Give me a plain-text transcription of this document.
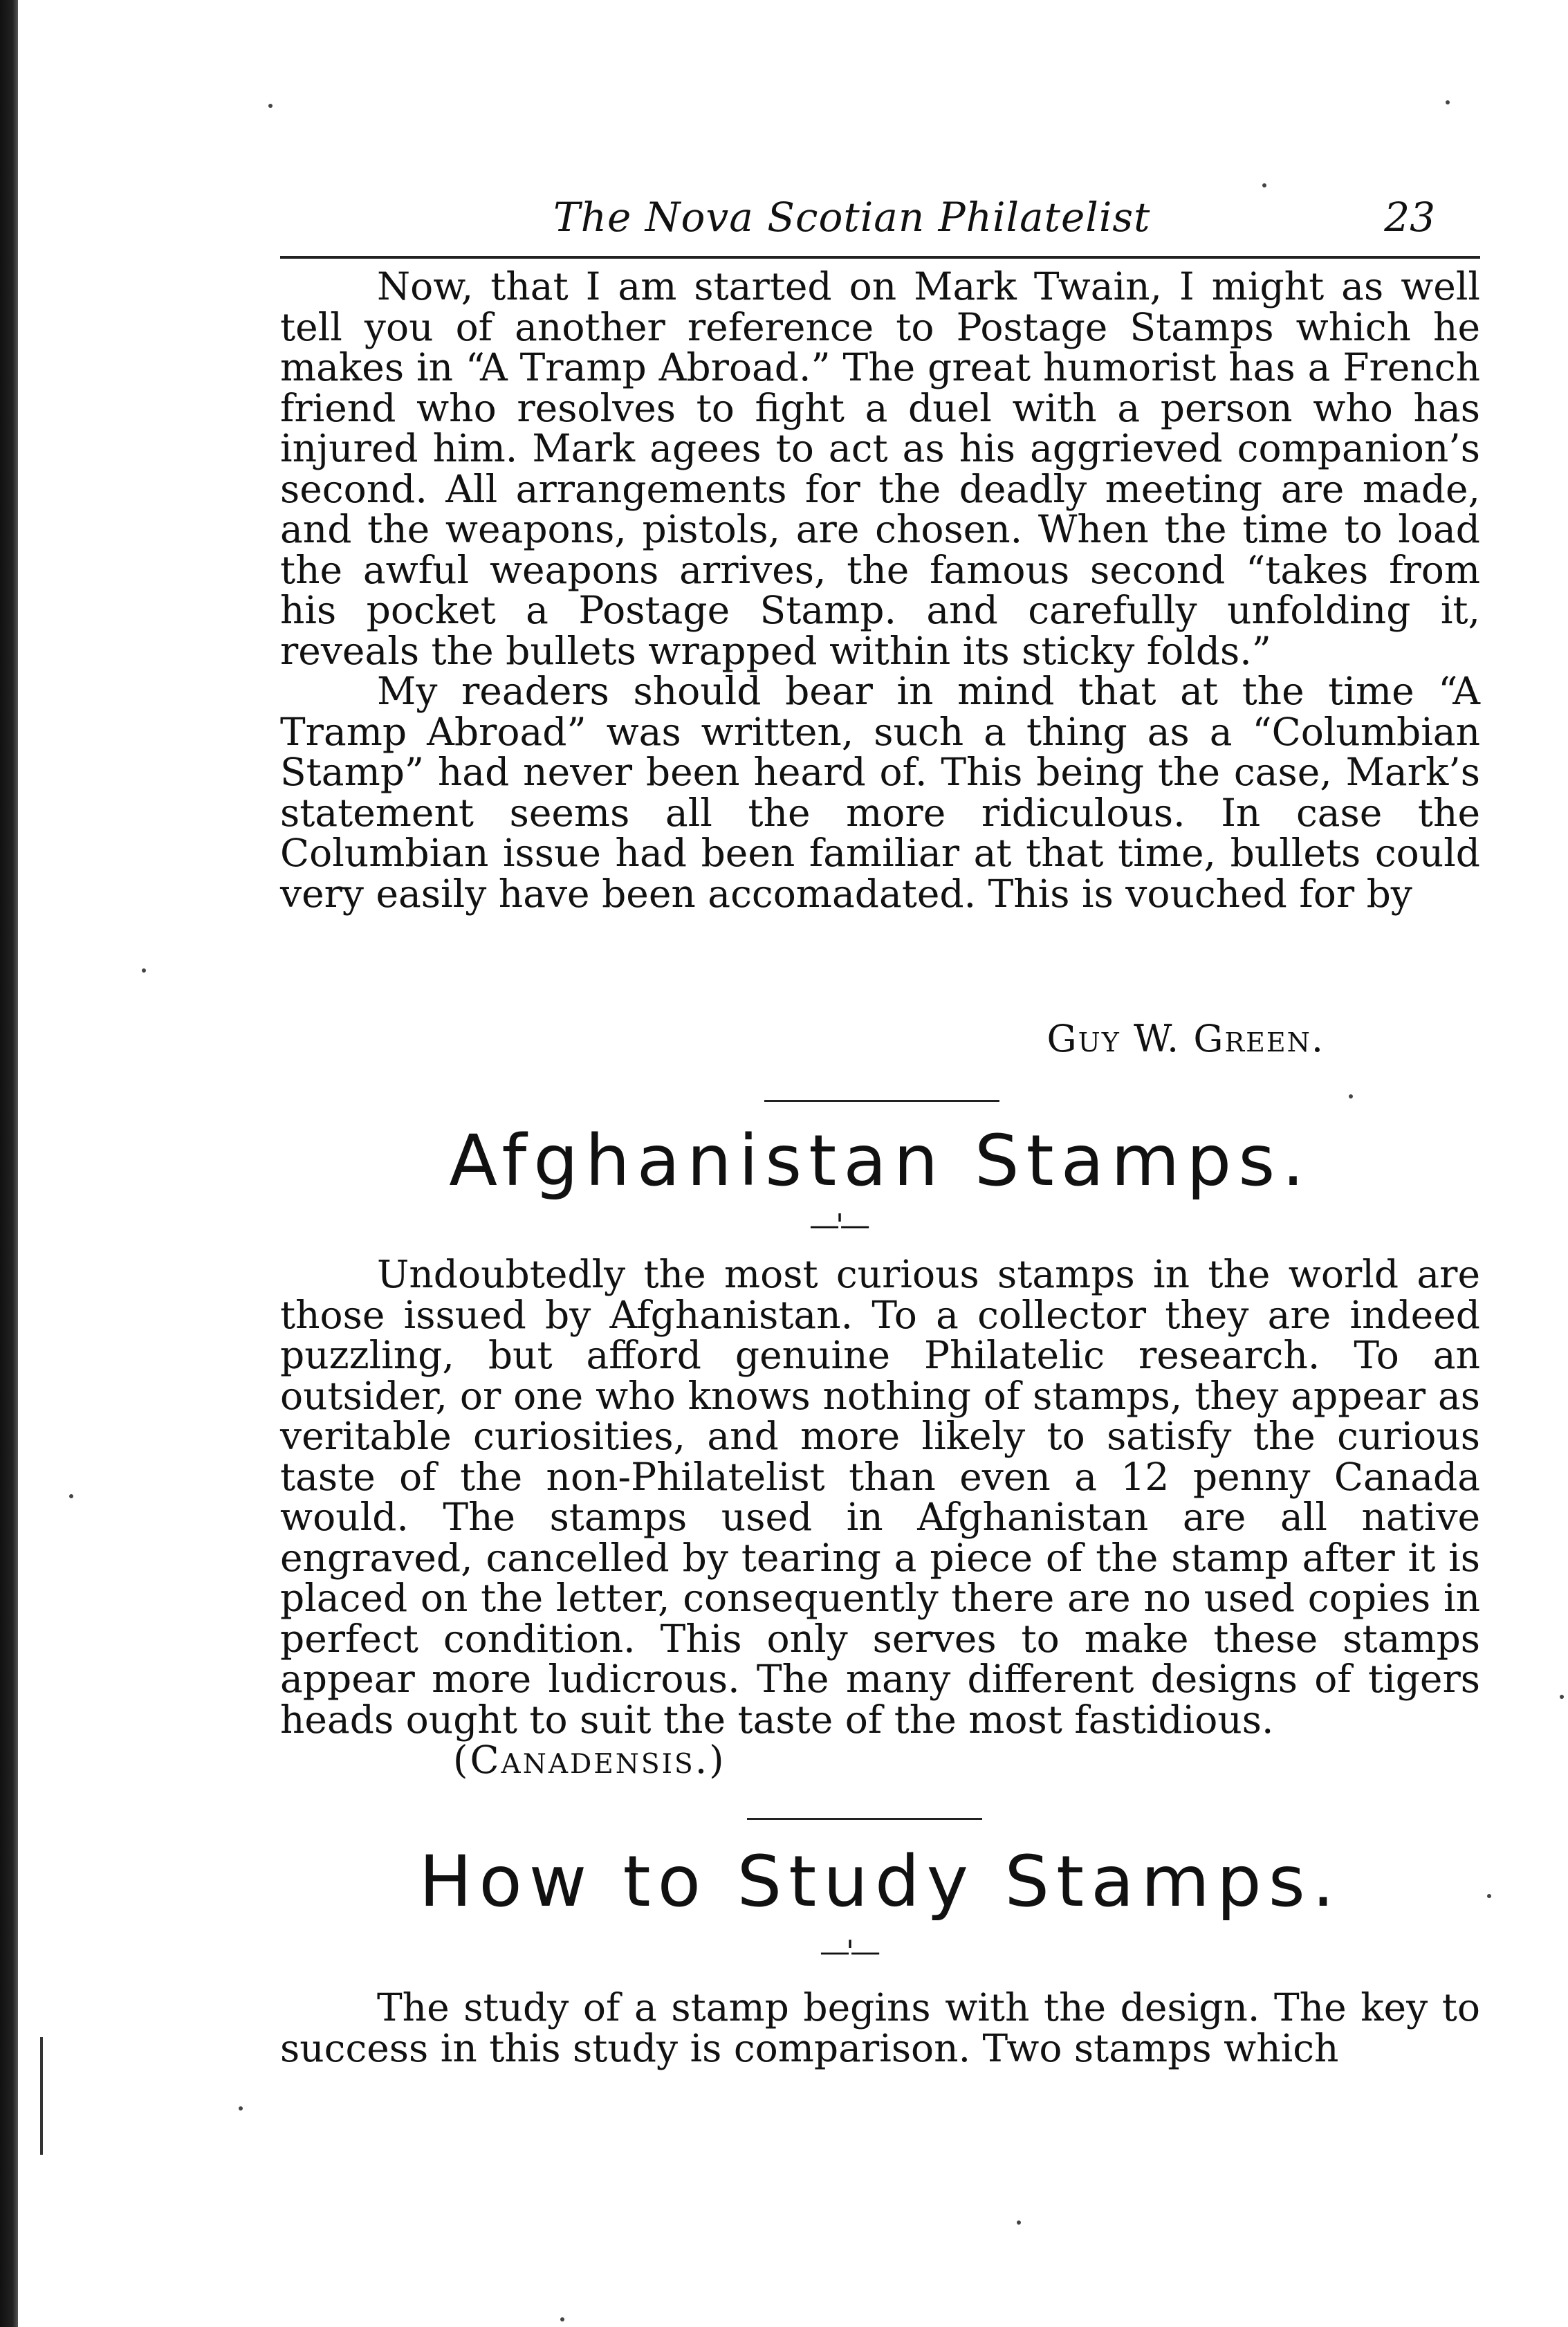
The Nova Scotian Philatelist	23

Now, that I am started on Mark Twain, I might as well tell you of another reference to Postage Stamps which he makes in “A Tramp Abroad.” The great humorist has a French friend who resolves to fight a duel with a person who has injured him. Mark agees to act as his aggrieved companion’s second. All arrangements for the deadly meeting are made, and the weapons, pistols, are chosen. When the time to load the awful weapons arrives, the famous second “takes from his pocket a Postage Stamp. and carefully unfolding it, reveals the bullets wrapped within its sticky folds.”

My readers should bear in mind that at the time “A Tramp Abroad” was written, such a thing as a “Columbian Stamp” had never been heard of. This being the case, Mark’s statement seems all the more ridiculous. In case the Columbian issue had been familiar at that time, bullets could very easily have been accomadated. This is vouched for by

Guy W. Green.
Afghanistan Stamps.
—'—

Undoubtedly the most curious stamps in the world are those issued by Afghanistan. To a collector they are indeed puzzling, but afford genuine Philatelic research. To an outsider, or one who knows nothing of stamps, they appear as veritable curiosities, and more likely to satisfy the curious taste of the non-Philatelist than even a 12 penny Canada would. The stamps used in Afghanistan are all native engraved, cancelled by tearing a piece of the stamp after it is placed on the letter, consequently there are no used copies in perfect condition. This only serves to make these stamps appear more ludicrous. The many different designs of tigers heads ought to suit the taste of the most fastidious.

(Canadensis.)

How to Study Stamps.
—'—

The study of a stamp begins with the design. The key to success in this study is comparison. Two stamps which
